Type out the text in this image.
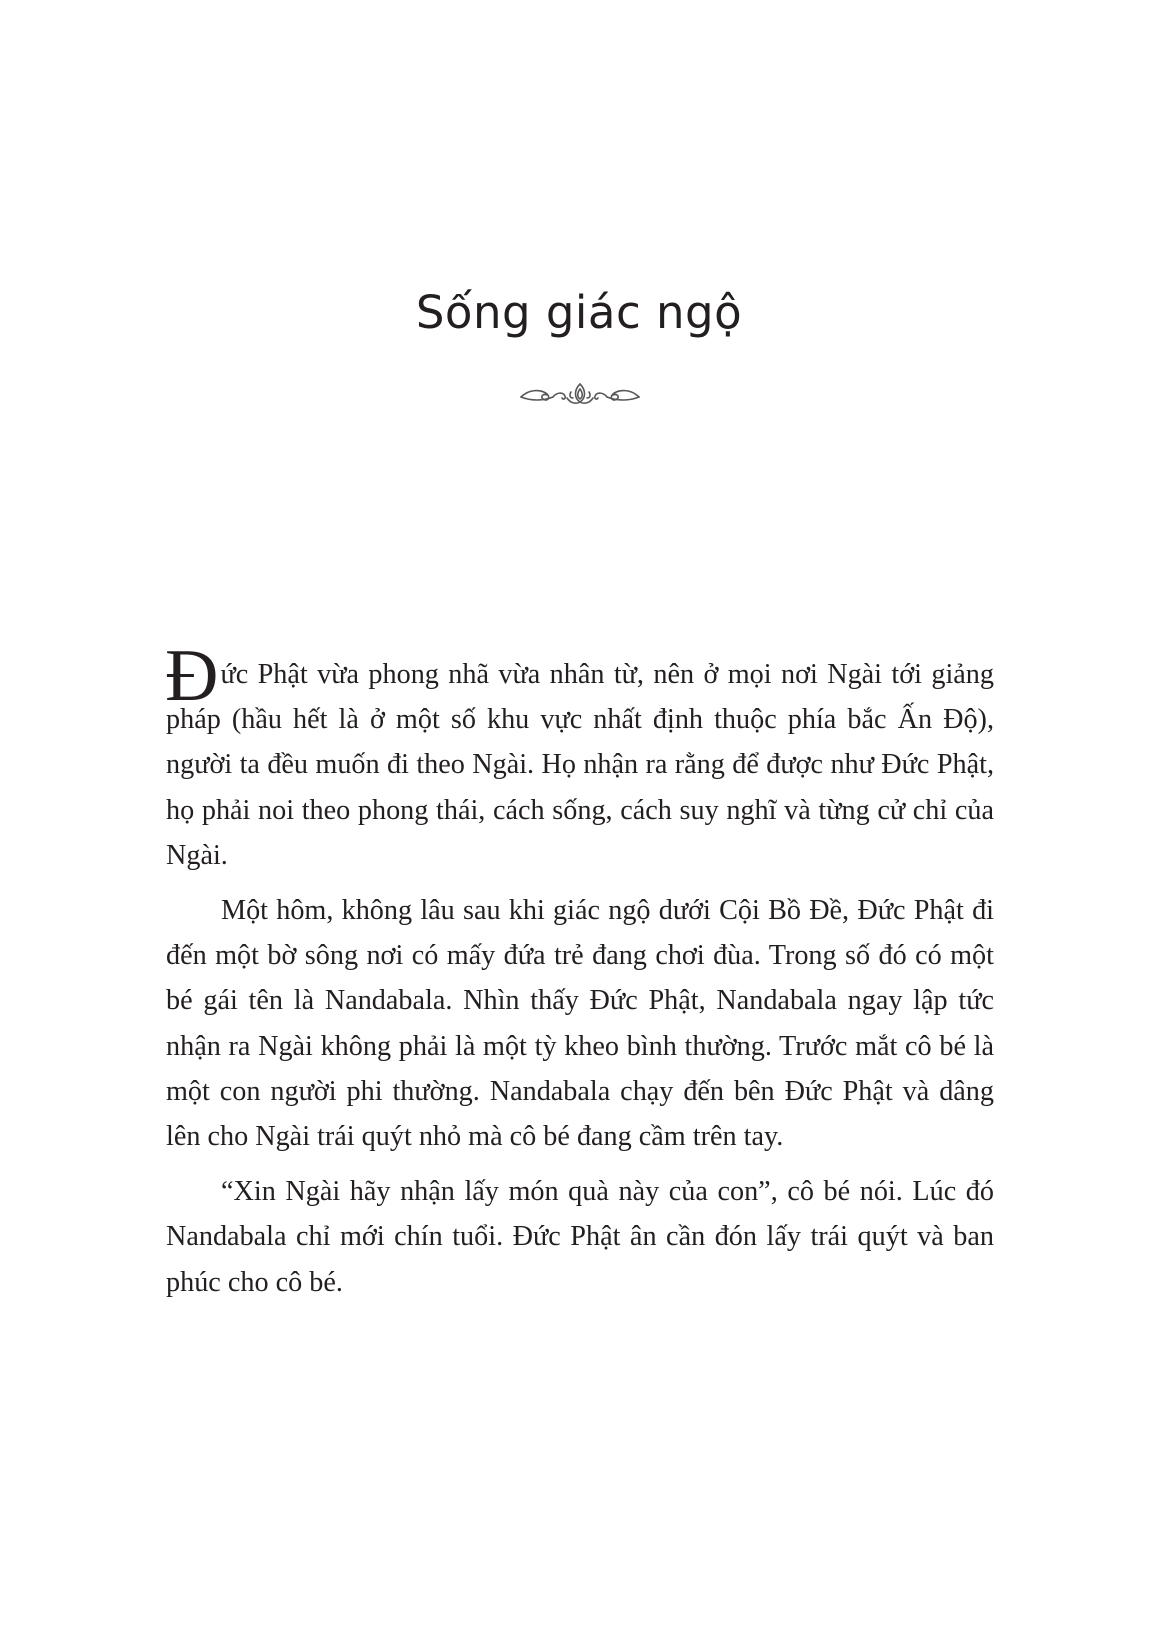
Sống giác ngộ

Đức Phật vừa phong nhã vừa nhân từ, nên ở mọi nơi Ngài tới giảng pháp (hầu hết là ở một số khu vực nhất định thuộc phía bắc Ấn Độ), người ta đều muốn đi theo Ngài. Họ nhận ra rằng để được như Đức Phật, họ phải noi theo phong thái, cách sống, cách suy nghĩ và từng cử chỉ của Ngài.

Một hôm, không lâu sau khi giác ngộ dưới Cội Bồ Đề, Đức Phật đi đến một bờ sông nơi có mấy đứa trẻ đang chơi đùa. Trong số đó có một bé gái tên là Nandabala. Nhìn thấy Đức Phật, Nandabala ngay lập tức nhận ra Ngài không phải là một tỳ kheo bình thường. Trước mắt cô bé là một con người phi thường. Nandabala chạy đến bên Đức Phật và dâng lên cho Ngài trái quýt nhỏ mà cô bé đang cầm trên tay.

“Xin Ngài hãy nhận lấy món quà này của con”, cô bé nói. Lúc đó Nandabala chỉ mới chín tuổi. Đức Phật ân cần đón lấy trái quýt và ban phúc cho cô bé.
